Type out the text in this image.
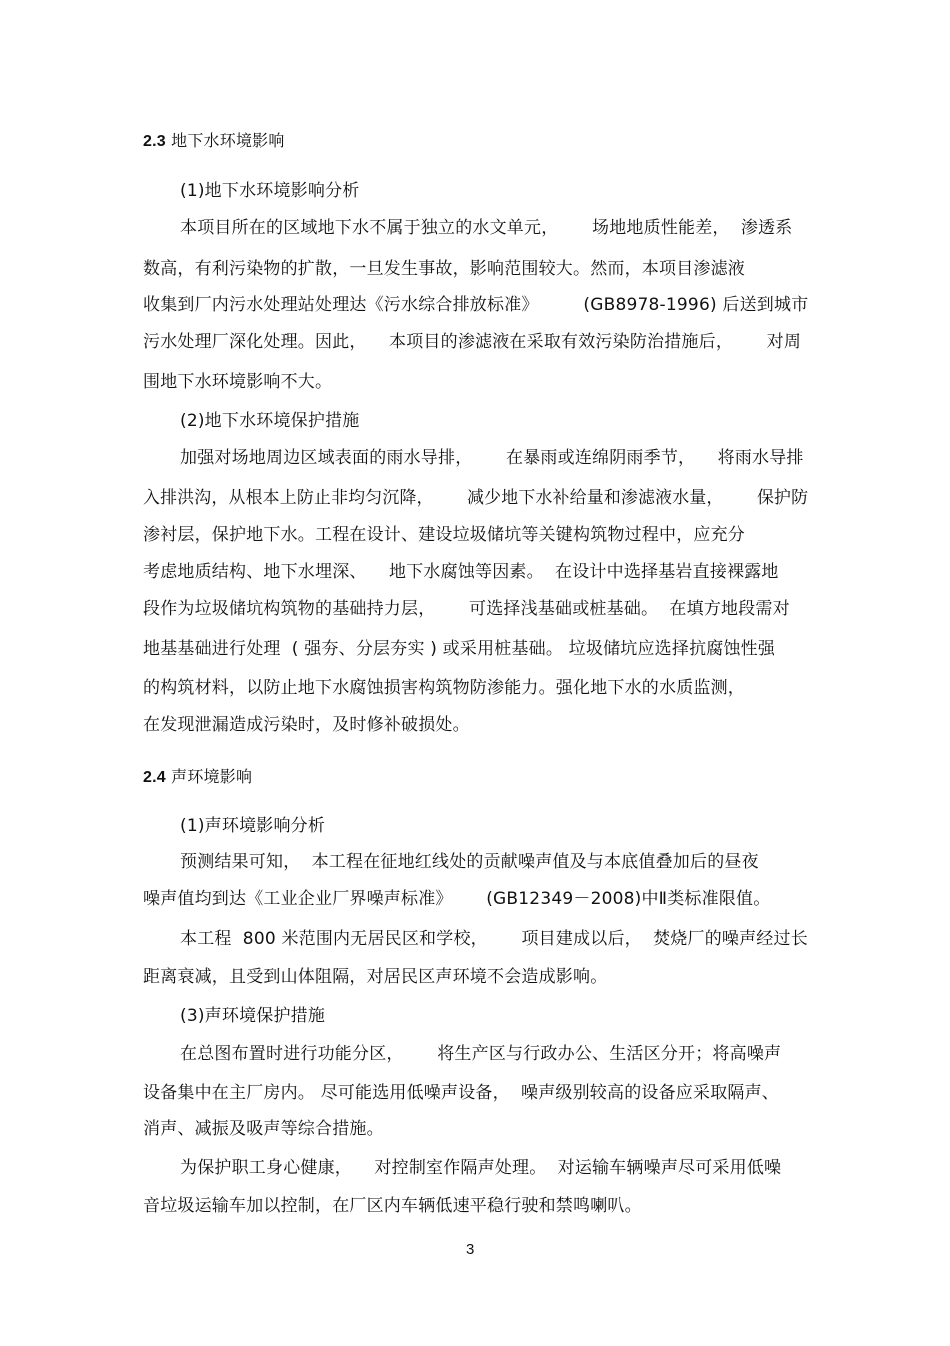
2.3 地下水环境影响
(1)地下水环境影响分析
本项目所在的区域地下水不属于独立的水文单元，      场地地质性能差，  渗透系
数高，有利污染物的扩散，一旦发生事故，影响范围较大。然而，本项目渗滤液
收集到厂内污水处理站处理达《污水综合排放标准》        (GB8978-1996) 后送到城市
污水处理厂深化处理。因此，    本项目的渗滤液在采取有效污染防治措施后，      对周
围地下水环境影响不大。
(2)地下水环境保护措施
加强对场地周边区域表面的雨水导排，      在暴雨或连绵阴雨季节，    将雨水导排
入排洪沟，从根本上防止非均匀沉降，      减少地下水补给量和渗滤液水量，      保护防
渗衬层，保护地下水。工程在设计、建设垃圾储坑等关键构筑物过程中，应充分
考虑地质结构、地下水埋深、    地下水腐蚀等因素。  在设计中选择基岩直接裸露地
段作为垃圾储坑构筑物的基础持力层，      可选择浅基础或桩基础。  在填方地段需对
地基基础进行处理  ( 强夯、分层夯实 ) 或采用桩基础。 垃圾储坑应选择抗腐蚀性强
的构筑材料，以防止地下水腐蚀损害构筑物防渗能力。强化地下水的水质监测，
在发现泄漏造成污染时，及时修补破损处。
2.4 声环境影响
(1)声环境影响分析
预测结果可知，  本工程在征地红线处的贡献噪声值及与本底值叠加后的昼夜
噪声值均到达《工业企业厂界噪声标准》      (GB12349－2008)中Ⅱ类标准限值。
本工程  800 米范围内无居民区和学校，      项目建成以后，  焚烧厂的噪声经过长
距离衰减，且受到山体阻隔，对居民区声环境不会造成影响。
(3)声环境保护措施
在总图布置时进行功能分区，      将生产区与行政办公、生活区分开；将高噪声
设备集中在主厂房内。 尽可能选用低噪声设备，  噪声级别较高的设备应采取隔声、
消声、减振及吸声等综合措施。
为保护职工身心健康，    对控制室作隔声处理。  对运输车辆噪声尽可采用低噪
音垃圾运输车加以控制，在厂区内车辆低速平稳行驶和禁鸣喇叭。
3
